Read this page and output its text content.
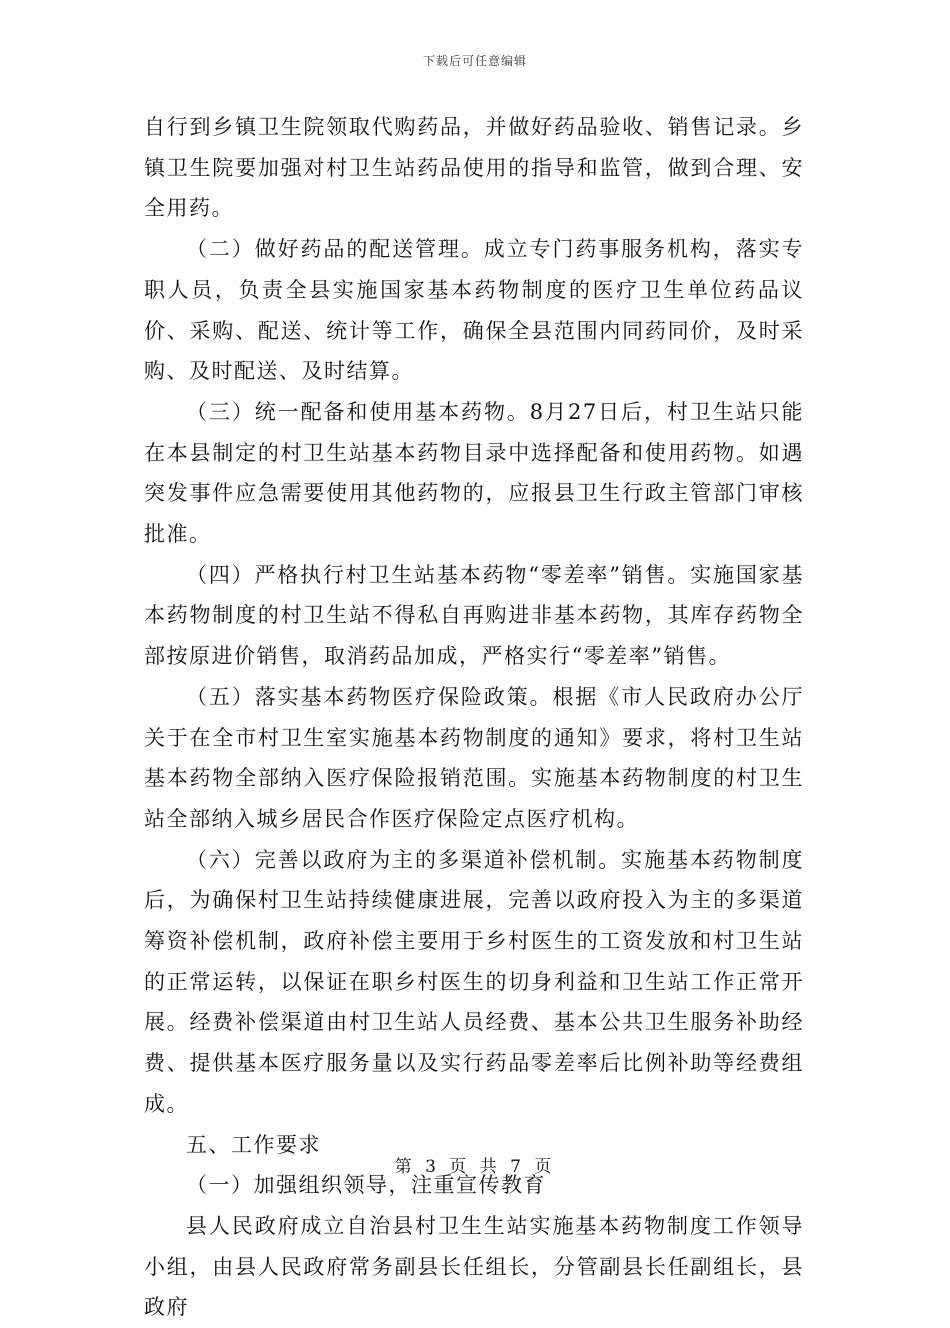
下载后可任意编辑

自行到乡镇卫生院领取代购药品，并做好药品验收、销售记录。乡镇卫生院要加强对村卫生站药品使用的指导和监管，做到合理、安全用药。

（二）做好药品的配送管理。成立专门药事服务机构，落实专职人员，负责全县实施国家基本药物制度的医疗卫生单位药品议价、采购、配送、统计等工作，确保全县范围内同药同价，及时采购、及时配送、及时结算。

（三）统一配备和使用基本药物。8月27日后，村卫生站只能在本县制定的村卫生站基本药物目录中选择配备和使用药物。如遇突发事件应急需要使用其他药物的，应报县卫生行政主管部门审核批准。

（四）严格执行村卫生站基本药物“零差率”销售。实施国家基本药物制度的村卫生站不得私自再购进非基本药物，其库存药物全部按原进价销售，取消药品加成，严格实行“零差率”销售。

（五）落实基本药物医疗保险政策。根据《市人民政府办公厅关于在全市村卫生室实施基本药物制度的通知》要求，将村卫生站基本药物全部纳入医疗保险报销范围。实施基本药物制度的村卫生站全部纳入城乡居民合作医疗保险定点医疗机构。

（六）完善以政府为主的多渠道补偿机制。实施基本药物制度后，为确保村卫生站持续健康进展，完善以政府投入为主的多渠道筹资补偿机制，政府补偿主要用于乡村医生的工资发放和村卫生站的正常运转，以保证在职乡村医生的切身利益和卫生站工作正常开展。经费补偿渠道由村卫生站人员经费、基本公共卫生服务补助经费、提供基本医疗服务量以及实行药品零差率后比例补助等经费组成。

五、工作要求

（一）加强组织领导，注重宣传教育

县人民政府成立自治县村卫生生站实施基本药物制度工作领导小组，由县人民政府常务副县长任组长，分管副县长任副组长，县政府

第 3 页 共 7 页
